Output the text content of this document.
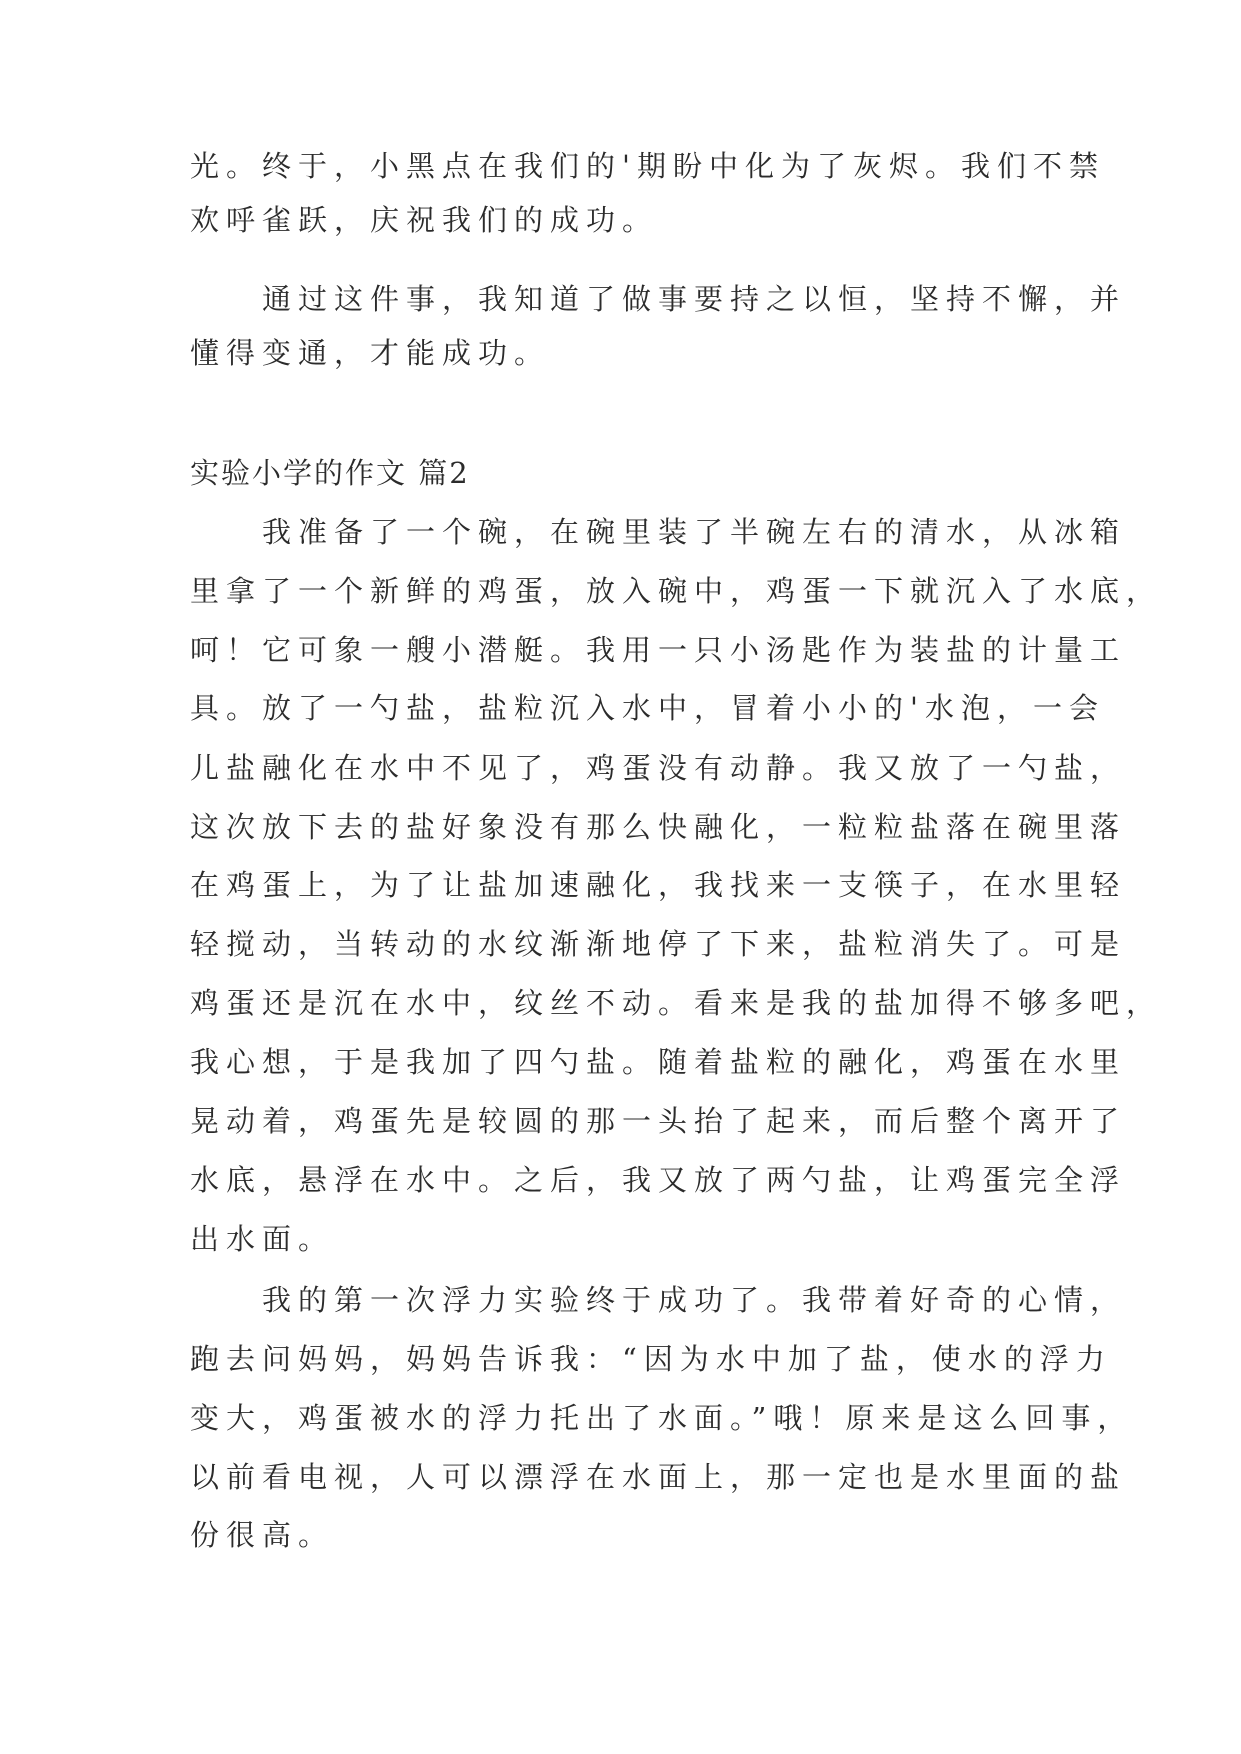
光。终于，小黑点在我们的'期盼中化为了灰烬。我们不禁
欢呼雀跃，庆祝我们的成功。
　　通过这件事，我知道了做事要持之以恒，坚持不懈，并
懂得变通，才能成功。
实验小学的作文 篇2
　　我准备了一个碗，在碗里装了半碗左右的清水，从冰箱
里拿了一个新鲜的鸡蛋，放入碗中，鸡蛋一下就沉入了水底，
呵！它可象一艘小潜艇。我用一只小汤匙作为装盐的计量工
具。放了一勺盐，盐粒沉入水中，冒着小小的'水泡，一会
儿盐融化在水中不见了，鸡蛋没有动静。我又放了一勺盐，
这次放下去的盐好象没有那么快融化，一粒粒盐落在碗里落
在鸡蛋上，为了让盐加速融化，我找来一支筷子，在水里轻
轻搅动，当转动的水纹渐渐地停了下来，盐粒消失了。可是
鸡蛋还是沉在水中，纹丝不动。看来是我的盐加得不够多吧，
我心想，于是我加了四勺盐。随着盐粒的融化，鸡蛋在水里
晃动着，鸡蛋先是较圆的那一头抬了起来，而后整个离开了
水底，悬浮在水中。之后，我又放了两勺盐，让鸡蛋完全浮
出水面。
　　我的第一次浮力实验终于成功了。我带着好奇的心情，
跑去问妈妈，妈妈告诉我：“因为水中加了盐，使水的浮力
变大，鸡蛋被水的浮力托出了水面。”哦！原来是这么回事，
以前看电视，人可以漂浮在水面上，那一定也是水里面的盐
份很高。
